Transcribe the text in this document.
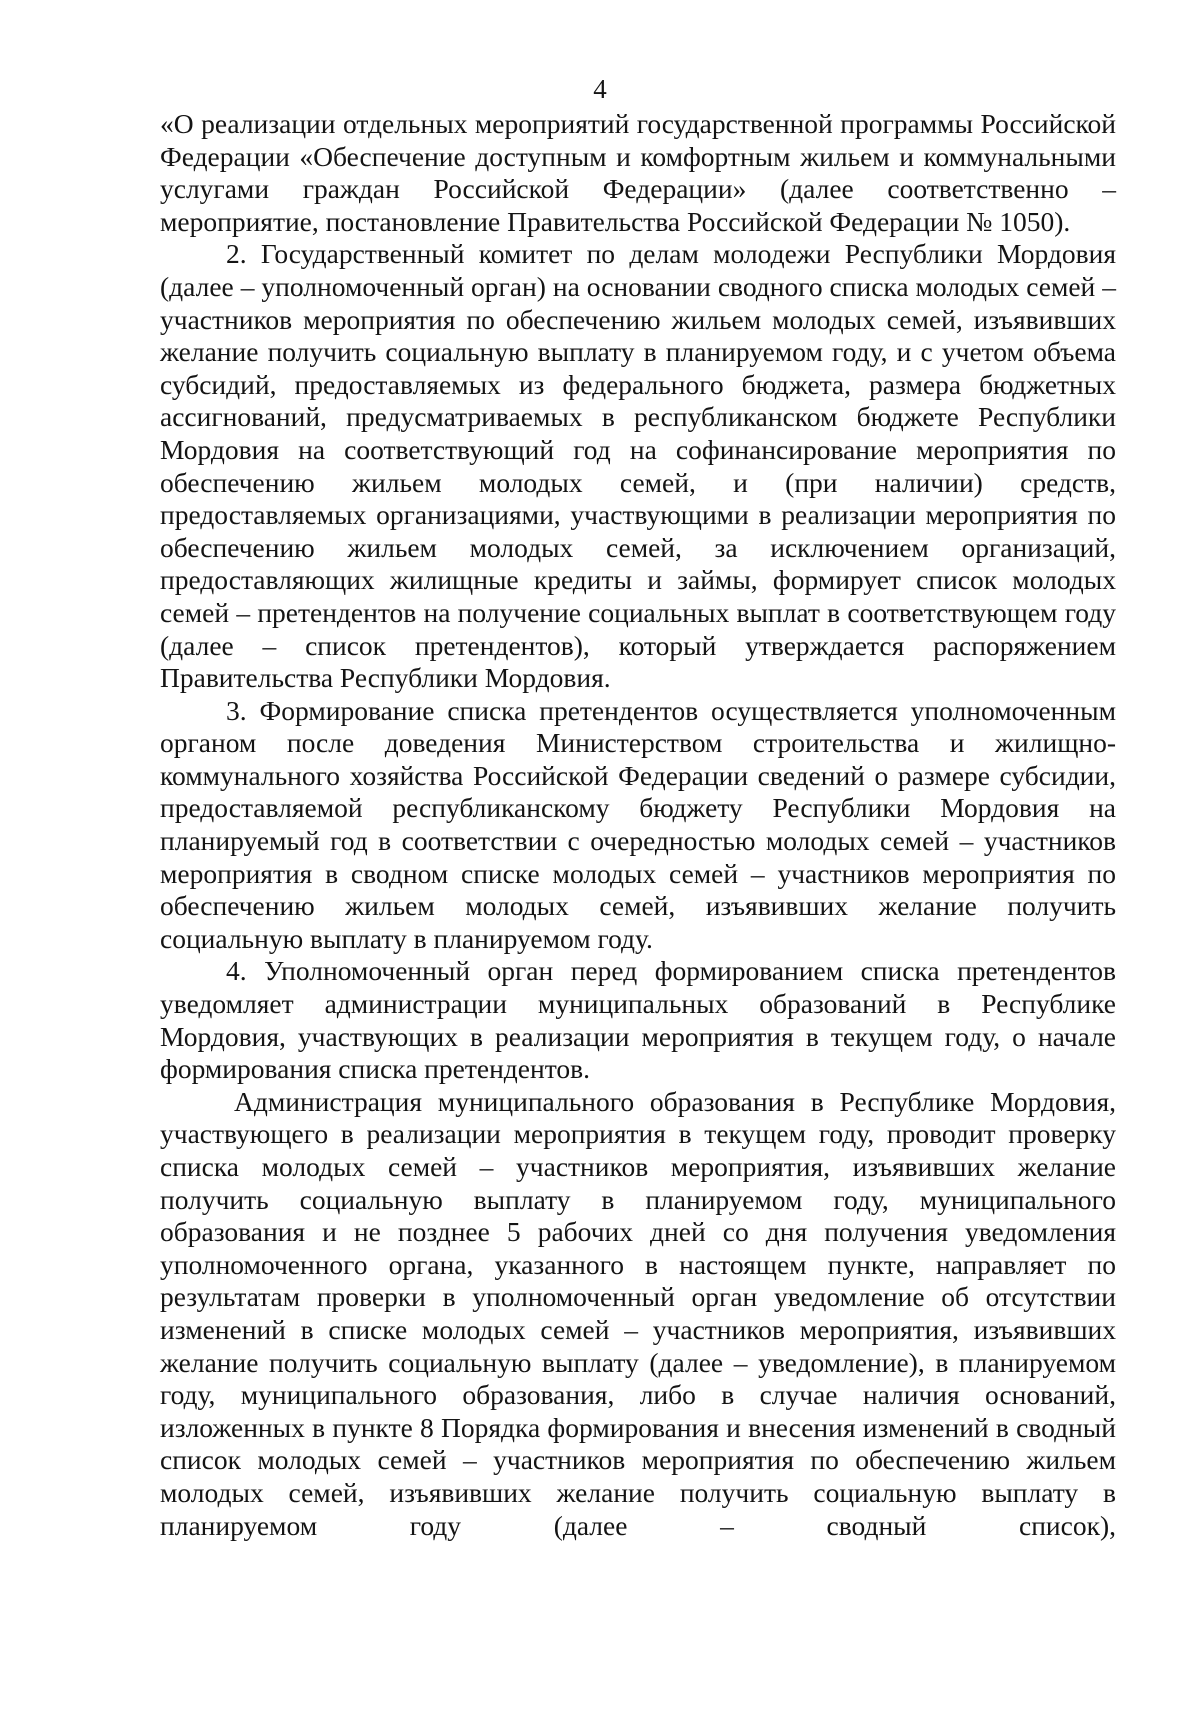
4

«О реализации отдельных мероприятий государственной программы Российской Федерации «Обеспечение доступным и комфортным жильем и коммунальными услугами граждан Российской Федерации» (далее соответственно – мероприятие, постановление Правительства Российской Федерации № 1050).

2. Государственный комитет по делам молодежи Республики Мордовия (далее – уполномоченный орган) на основании сводного списка молодых семей – участников мероприятия по обеспечению жильем молодых семей, изъявивших желание получить социальную выплату в планируемом году, и с учетом объема субсидий, предоставляемых из федерального бюджета, размера бюджетных ассигнований, предусматриваемых в республиканском бюджете Республики Мордовия на соответствующий год на софинансирование мероприятия по обеспечению жильем молодых семей, и (при наличии) средств, предоставляемых организациями, участвующими в реализации мероприятия по обеспечению жильем молодых семей, за исключением организаций, предоставляющих жилищные кредиты и займы, формирует список молодых семей – претендентов на получение социальных выплат в соответствующем году (далее – список претендентов), который утверждается распоряжением Правительства Республики Мордовия.

3. Формирование списка претендентов осуществляется уполномоченным органом после доведения Министерством строительства и жилищно-коммунального хозяйства Российской Федерации сведений о размере субсидии, предоставляемой республиканскому бюджету Республики Мордовия на планируемый год в соответствии с очередностью молодых семей – участников мероприятия в сводном списке молодых семей – участников мероприятия по обеспечению жильем молодых семей, изъявивших желание получить социальную выплату в планируемом году.

4. Уполномоченный орган перед формированием списка претендентов уведомляет администрации муниципальных образований в Республике Мордовия, участвующих в реализации мероприятия в текущем году, о начале формирования списка претендентов.

Администрация муниципального образования в Республике Мордовия, участвующего в реализации мероприятия в текущем году, проводит проверку списка молодых семей – участников мероприятия, изъявивших желание получить социальную выплату в планируемом году, муниципального образования и не позднее 5 рабочих дней со дня получения уведомления уполномоченного органа, указанного в настоящем пункте, направляет по результатам проверки в уполномоченный орган уведомление об отсутствии изменений в списке молодых семей – участников мероприятия, изъявивших желание получить социальную выплату (далее – уведомление), в планируемом году, муниципального образования, либо в случае наличия оснований, изложенных в пункте 8 Порядка формирования и внесения изменений в сводный список молодых семей – участников мероприятия по обеспечению жильем молодых семей, изъявивших желание получить социальную выплату в планируемом году (далее – сводный список),
